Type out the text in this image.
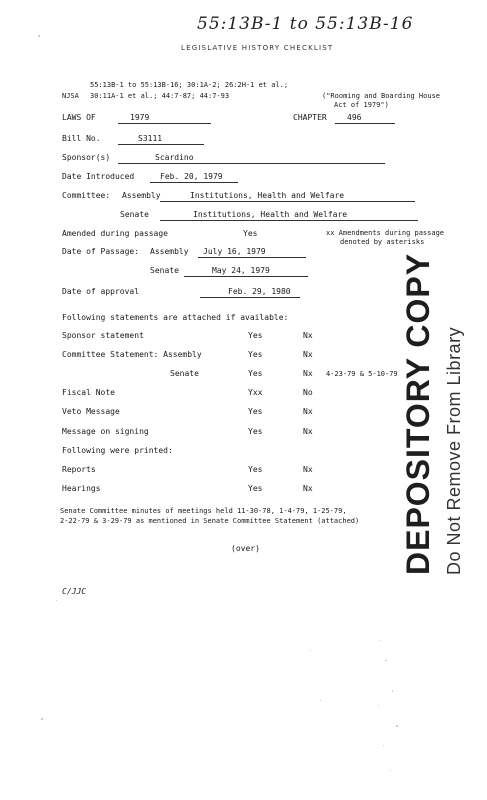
55:13B-1 to 55:13B-16
LEGISLATIVE HISTORY CHECKLIST
55:13B-1 to 55:13B-16; 30:1A-2; 26:2H-1 et al.;
NJSA 30:11A-1 et al.; 44:7-87; 44:7-93	("Rooming and Boarding House
Act of 1979")
LAWS OF	1979	CHAPTER	496
Bill No.	S3111
Sponsor(s)	Scardino
Date Introduced	Feb. 20, 1979
Committee: Assembly	Institutions, Health and Welfare
Senate	Institutions, Health and Welfare
Amended during passage	Yes	xx Amendments during passage
denoted by asterisks
Date of Passage: Assembly July 16, 1979
Senate	May 24, 1979
Date of approval	Feb. 29, 1980
Following statements are attached if available:
Sponsor statement	Yes	Nx
Committee Statement: Assembly	Yes	Nx
Senate	Yes	Nx 4-23-79 & 5-10-79
Fiscal Note	Yxx	No
Veto Message	Yes	Nx
Message on signing	Yes	Nx
Following were printed:
Reports	Yes	Nx
Hearings	Yes	Nx
Senate Committee minutes of meetings held 11-30-78, 1-4-79, 1-25-79,
2-22-79 & 3-29-79 as mentioned in Senate Committee Statement (attached)
(over)
C/JJC
DEPOSITORY COPY Do Not Remove From Library
